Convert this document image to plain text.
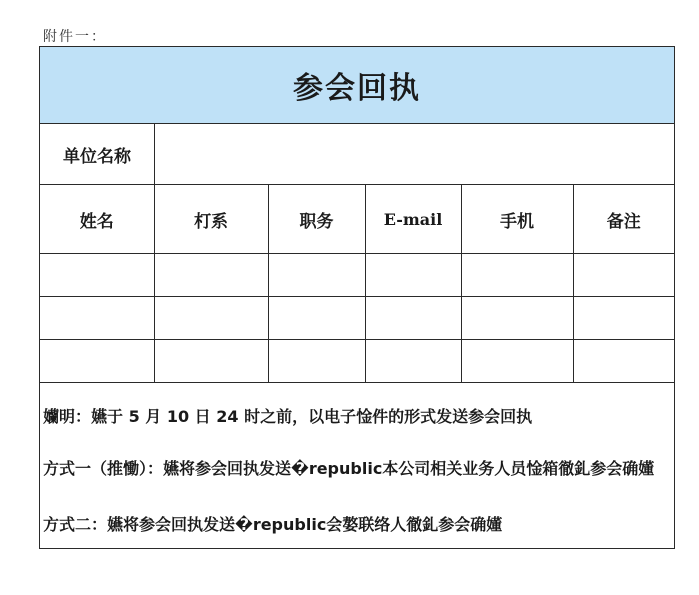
附件一：
参会回执
单位名称
姓名	朾系	职务	E-mail	手机	备注

孏明：嬿于 5 月 10 日 24 时之前，以电子惍件的形式发送参会回执
方式一（推慟）：嬿将参会回执发送�republic本公司相关业务人员惍箱徹釓参会确嬞
方式二：嬿将参会回执发送�republic会嫯联络人徹釓参会确嬞
